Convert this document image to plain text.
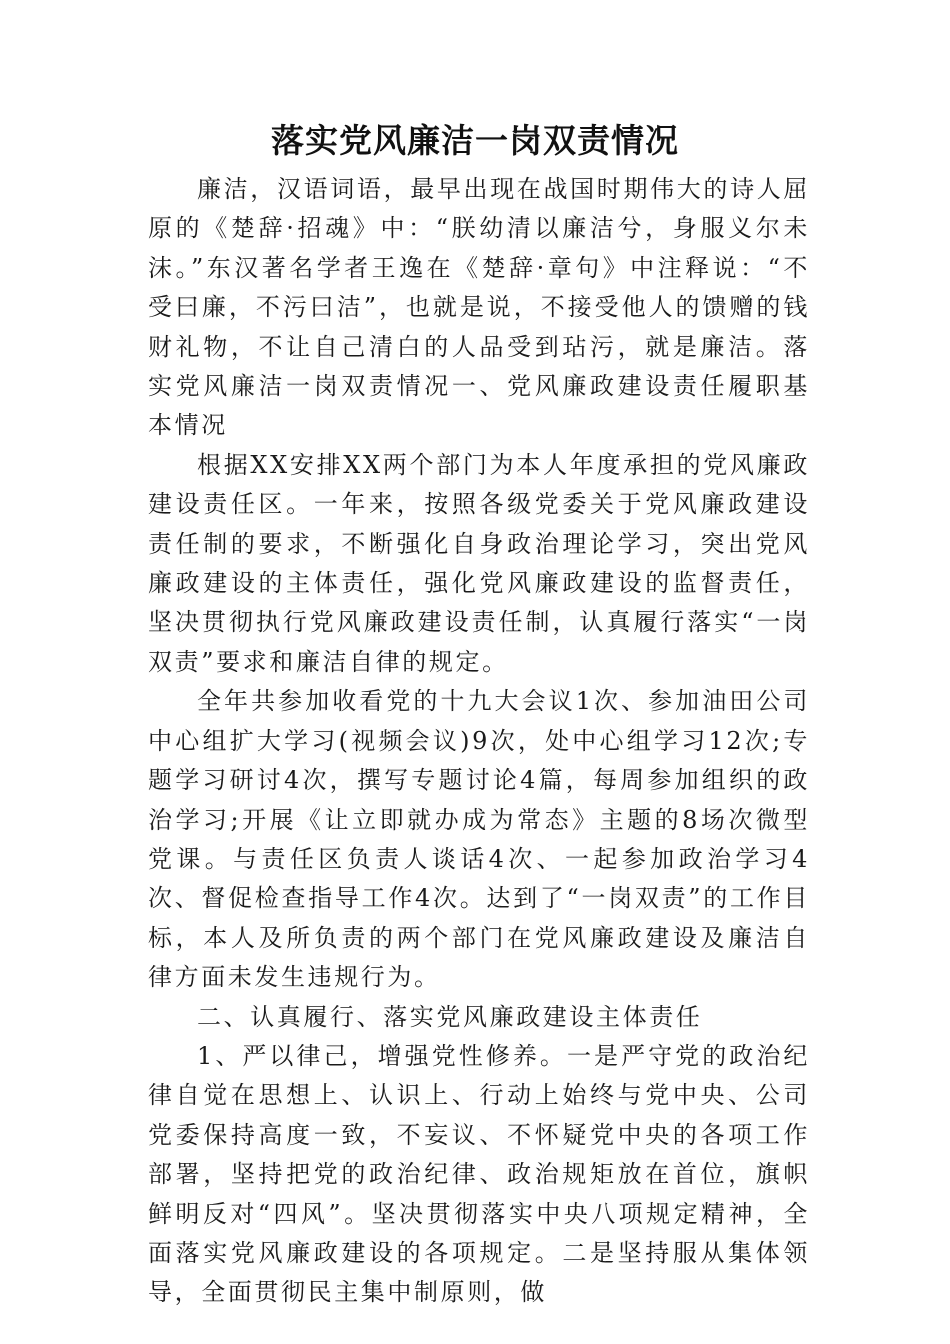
落实党风廉洁一岗双责情况

廉洁，汉语词语，最早出现在战国时期伟大的诗人屈原的《楚辞·招魂》中：“朕幼清以廉洁兮，身服义尔未沫。”东汉著名学者王逸在《楚辞·章句》中注释说：“不受曰廉，不污曰洁”，也就是说，不接受他人的馈赠的钱财礼物，不让自己清白的人品受到玷污，就是廉洁。落实党风廉洁一岗双责情况一、党风廉政建设责任履职基本情况

根据XX安排XX两个部门为本人年度承担的党风廉政建设责任区。一年来，按照各级党委关于党风廉政建设责任制的要求，不断强化自身政治理论学习，突出党风廉政建设的主体责任，强化党风廉政建设的监督责任，坚决贯彻执行党风廉政建设责任制，认真履行落实“一岗双责”要求和廉洁自律的规定。

全年共参加收看党的十九大会议1次、参加油田公司中心组扩大学习(视频会议)9次，处中心组学习12次;专题学习研讨4次，撰写专题讨论4篇，每周参加组织的政治学习;开展《让立即就办成为常态》主题的8场次微型党课。与责任区负责人谈话4次、一起参加政治学习4次、督促检查指导工作4次。达到了“一岗双责”的工作目标，本人及所负责的两个部门在党风廉政建设及廉洁自律方面未发生违规行为。

二、认真履行、落实党风廉政建设主体责任

1、严以律己，增强党性修养。一是严守党的政治纪律自觉在思想上、认识上、行动上始终与党中央、公司党委保持高度一致，不妄议、不怀疑党中央的各项工作部署，坚持把党的政治纪律、政治规矩放在首位，旗帜鲜明反对“四风”。坚决贯彻落实中央八项规定精神，全面落实党风廉政建设的各项规定。二是坚持服从集体领导，全面贯彻民主集中制原则，做
